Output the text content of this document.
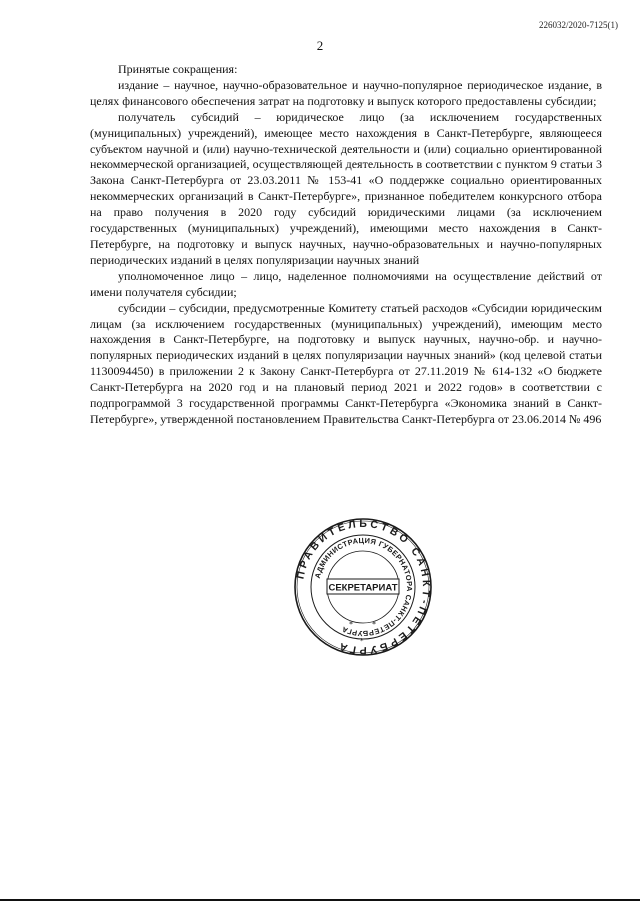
226032/2020-7125(1)
2

Принятые сокращения:

издание – научное, научно-образовательное и научно-популярное периодическое издание, в целях финансового обеспечения затрат на подготовку и выпуск которого предоставлены субсидии;

получатель субсидий – юридическое лицо (за исключением государственных (муниципальных) учреждений), имеющее место нахождения в Санкт-Петербурге, являющееся субъектом научной и (или) научно-технической деятельности и (или) социально ориентированной некоммерческой организацией, осуществляющей деятельность в соответствии с пунктом 9 статьи 3 Закона Санкт-Петербурга от 23.03.2011 № 153-41 «О поддержке социально ориентированных некоммерческих организаций в Санкт-Петербурге», признанное победителем конкурсного отбора на право получения в 2020 году субсидий юридическими лицами (за исключением государственных (муниципальных) учреждений), имеющими место нахождения в Санкт-Петербурге, на подготовку и выпуск научных, научно-образовательных и научно-популярных периодических изданий в целях популяризации научных знаний

уполномоченное лицо – лицо, наделенное полномочиями на осуществление действий от имени получателя субсидии;

субсидии – субсидии, предусмотренные Комитету статьей расходов «Субсидии юридическим лицам (за исключением государственных (муниципальных) учреждений), имеющим место нахождения в Санкт-Петербурге, на подготовку и выпуск научных, научно-обр. и научно-популярных периодических изданий в целях популяризации научных знаний» (код целевой статьи 1130094450) в приложении 2 к Закону Санкт-Петербурга от 27.11.2019 № 614-132 «О бюджете Санкт-Петербурга на 2020 год и на плановый период 2021 и 2022 годов» в соответствии с подпрограммой 3 государственной программы Санкт-Петербурга «Экономика знаний в Санкт-Петербурге», утвержденной постановлением Правительства Санкт-Петербурга от 23.06.2014 № 496

ПРАВИТЕЛЬСТВО САНКТ-ПЕТЕРБУРГА
АДМИНИСТРАЦИЯ ГУБЕРНАТОРА САНКТ-ПЕТЕРБУРГА
СЕКРЕТАРИАТ
* *
*
